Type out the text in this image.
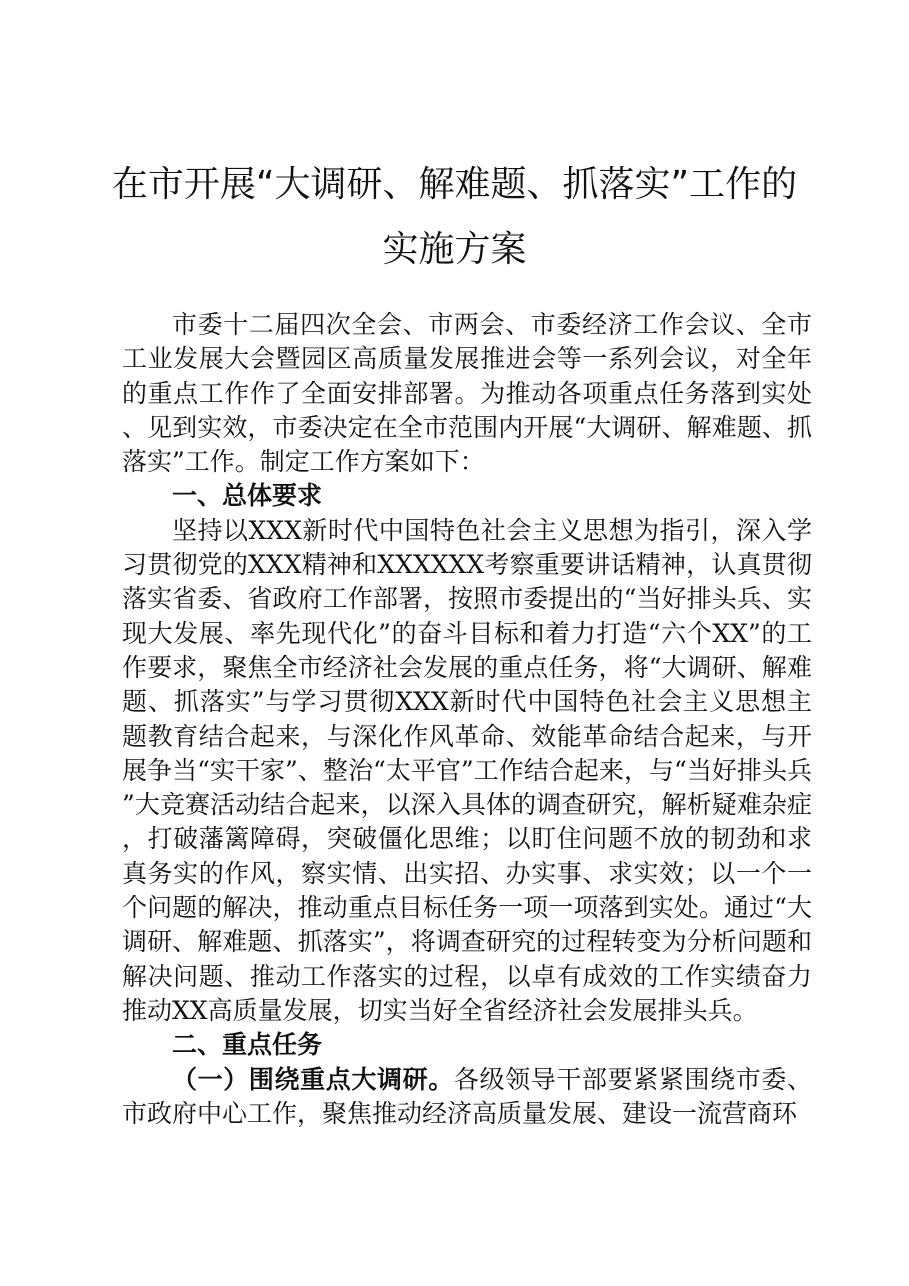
在市开展“大调研、解难题、抓落实”工作的
实施方案

市委十二届四次全会、市两会、市委经济工作会议、全市工业发展大会暨园区高质量发展推进会等一系列会议，对全年的重点工作作了全面安排部署。为推动各项重点任务落到实处、见到实效，市委决定在全市范围内开展“大调研、解难题、抓落实”工作。制定工作方案如下：

一、总体要求

坚持以XXX新时代中国特色社会主义思想为指引，深入学习贯彻党的XXX精神和XXXXXX考察重要讲话精神，认真贯彻落实省委、省政府工作部署，按照市委提出的“当好排头兵、实现大发展、率先现代化”的奋斗目标和着力打造“六个XX”的工作要求，聚焦全市经济社会发展的重点任务，将“大调研、解难题、抓落实”与学习贯彻XXX新时代中国特色社会主义思想主题教育结合起来，与深化作风革命、效能革命结合起来，与开展争当“实干家”、整治“太平官”工作结合起来，与“当好排头兵”大竞赛活动结合起来，以深入具体的调查研究，解析疑难杂症，打破藩篱障碍，突破僵化思维；以盯住问题不放的韧劲和求真务实的作风，察实情、出实招、办实事、求实效；以一个一个问题的解决，推动重点目标任务一项一项落到实处。通过“大调研、解难题、抓落实”，将调查研究的过程转变为分析问题和解决问题、推动工作落实的过程，以卓有成效的工作实绩奋力推动XX高质量发展，切实当好全省经济社会发展排头兵。

二、重点任务

（一）围绕重点大调研。各级领导干部要紧紧围绕市委、市政府中心工作，聚焦推动经济高质量发展、建设一流营商环
